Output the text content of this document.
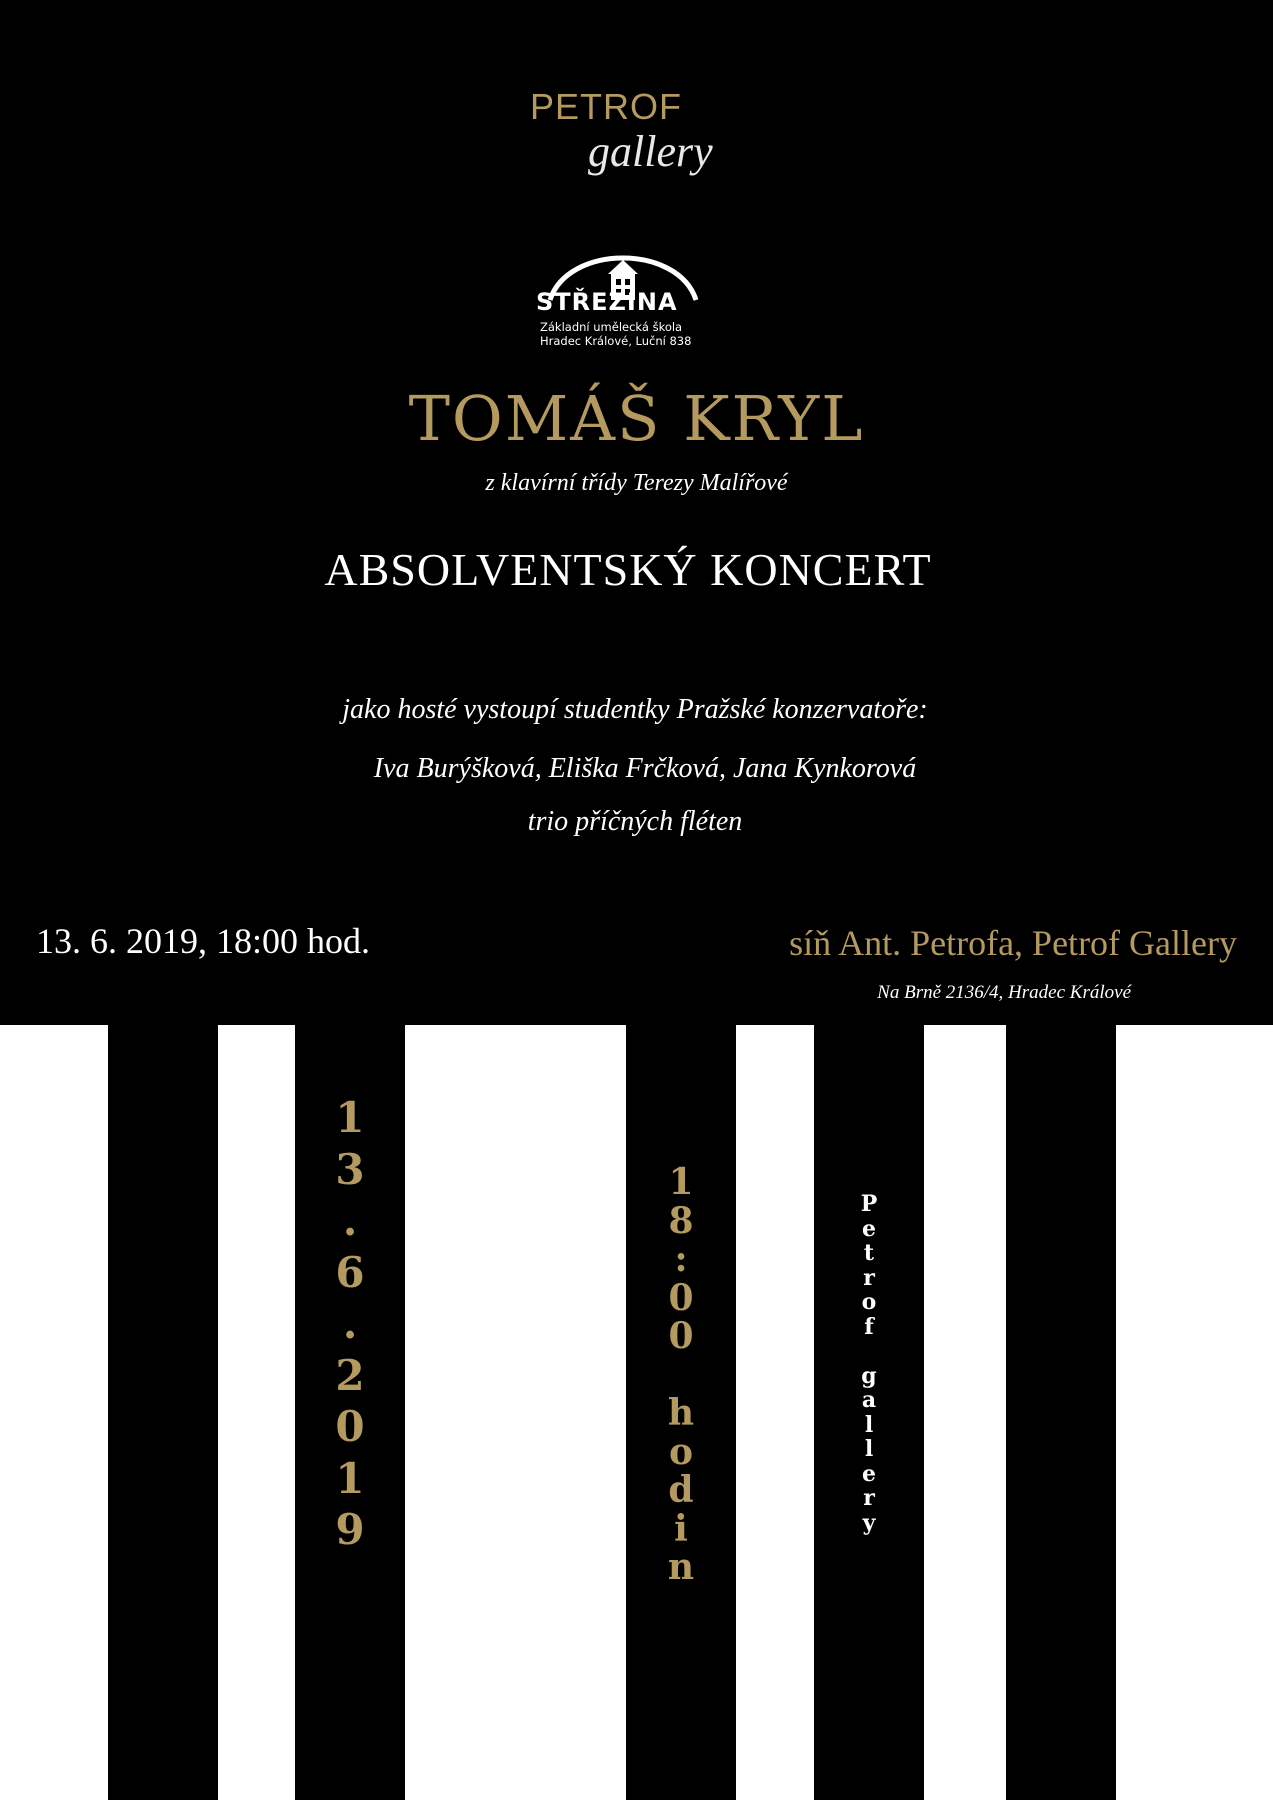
PETROF
gallery
STŘEZINA
Základní umělecká škola
Hradec Králové, Luční 838
TOMÁŠ KRYL
z klavírní třídy Terezy Malířové
ABSOLVENTSKÝ KONCERT
jako hosté vystoupí studentky Pražské konzervatoře:
Iva Burýšková, Eliška Frčková, Jana Kynkorová
trio příčných fléten
13. 6. 2019, 18:00 hod.	síň Ant. Petrofa, Petrof Gallery
Na Brně 2136/4, Hradec Králové
1
3
.
6
.
2
0
1
9
1
8
:
0
0

h
o
d
i
n
P
e
t
r
o
f

g
a
l
l
e
r
y
